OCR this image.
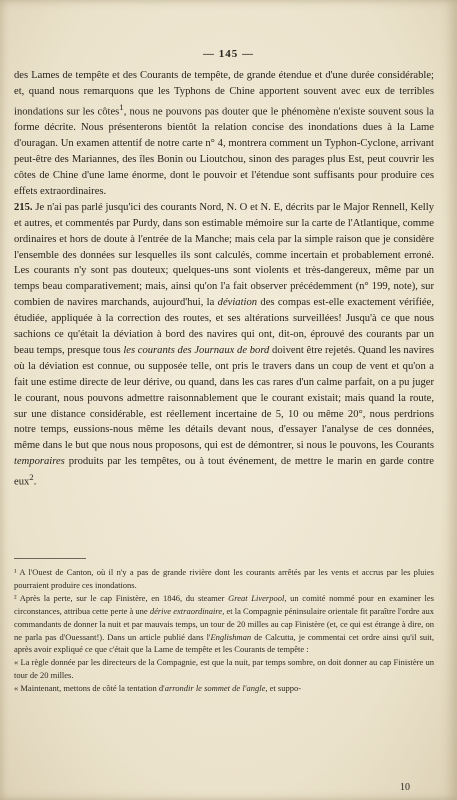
— 145 —

des Lames de tempête et des Courants de tempête, de grande étendue et d'une durée considérable; et, quand nous remarquons que les Typhons de Chine apportent souvent avec eux de terribles inondations sur les côtes$^1$, nous ne pouvons pas douter que le phénomène n'existe souvent sous la forme décrite. Nous présenterons bientôt la relation concise des inondations dues à la Lame d'ouragan. Un examen attentif de notre carte n° 4, montrera comment un Typhon-Cyclone, arrivant peut-être des Mariannes, des îles Bonin ou Lioutchou, sinon des parages plus Est, peut couvrir les côtes de Chine d'une lame énorme, dont le pouvoir et l'étendue sont suffisants pour produire ces effets extraordinaires.

215. Je n'ai pas parlé jusqu'ici des courants Nord, N. O et N. E, décrits par le Major Rennell, Kelly et autres, et commentés par Purdy, dans son estimable mémoire sur la carte de l'Atlantique, comme ordinaires et hors de doute à l'entrée de la Manche; mais cela par la simple raison que je considère l'ensemble des données sur lesquelles ils sont calculés, comme incertain et probablement erroné. Les courants n'y sont pas douteux; quelques-uns sont violents et très-dangereux, même par un temps beau comparativement; mais, ainsi qu'on l'a fait observer précédemment (n° 199, note), sur combien de navires marchands, aujourd'hui, la déviation des compas est-elle exactement vérifiée, étudiée, appliquée à la correction des routes, et ses altérations surveillées! Jusqu'à ce que nous sachions ce qu'était la déviation à bord des navires qui ont, dit-on, éprouvé des courants par un beau temps, presque tous les courants des Journaux de bord doivent être rejetés. Quand les navires où la déviation est connue, ou supposée telle, ont pris le travers dans un coup de vent et qu'on a fait une estime directe de leur dérive, ou quand, dans les cas rares d'un calme parfait, on a pu juger le courant, nous pouvons admettre raisonnablement que le courant existait; mais quand la route, sur une distance considérable, est réellement incertaine de 5, 10 ou même 20°, nous perdrions notre temps, eussions-nous même les détails devant nous, d'essayer l'analyse de ces données, même dans le but que nous nous proposons, qui est de démontrer, si nous le pouvons, les Courants temporaires produits par les tempêtes, ou à tout événement, de mettre le marin en garde contre eux$^2$.

¹ A l'Ouest de Canton, où il n'y a pas de grande rivière dont les courants arrêtés par les vents et accrus par les pluies pourraient produire ces inondations.

² Après la perte, sur le cap Finistère, en 1846, du steamer Great Liverpool, un comité nommé pour en examiner les circonstances, attribua cette perte à une dérive extraordinaire, et la Compagnie péninsulaire orientale fit paraître l'ordre aux commandants de donner la nuit et par mauvais temps, un tour de 20 milles au cap Finistère (et, ce qui est étrange à dire, on ne parla pas d'Ouessant!). Dans un article publié dans l'Englishman de Calcutta, je commentai cet ordre ainsi qu'il suit, après avoir expliqué ce que c'était que la Lame de tempête et les Courants de tempête :

« La règle donnée par les directeurs de la Compagnie, est que la nuit, par temps sombre, on doit donner au cap Finistère un tour de 20 milles.

« Maintenant, mettons de côté la tentation d'arrondir le sommet de l'angle, et suppo-

10
